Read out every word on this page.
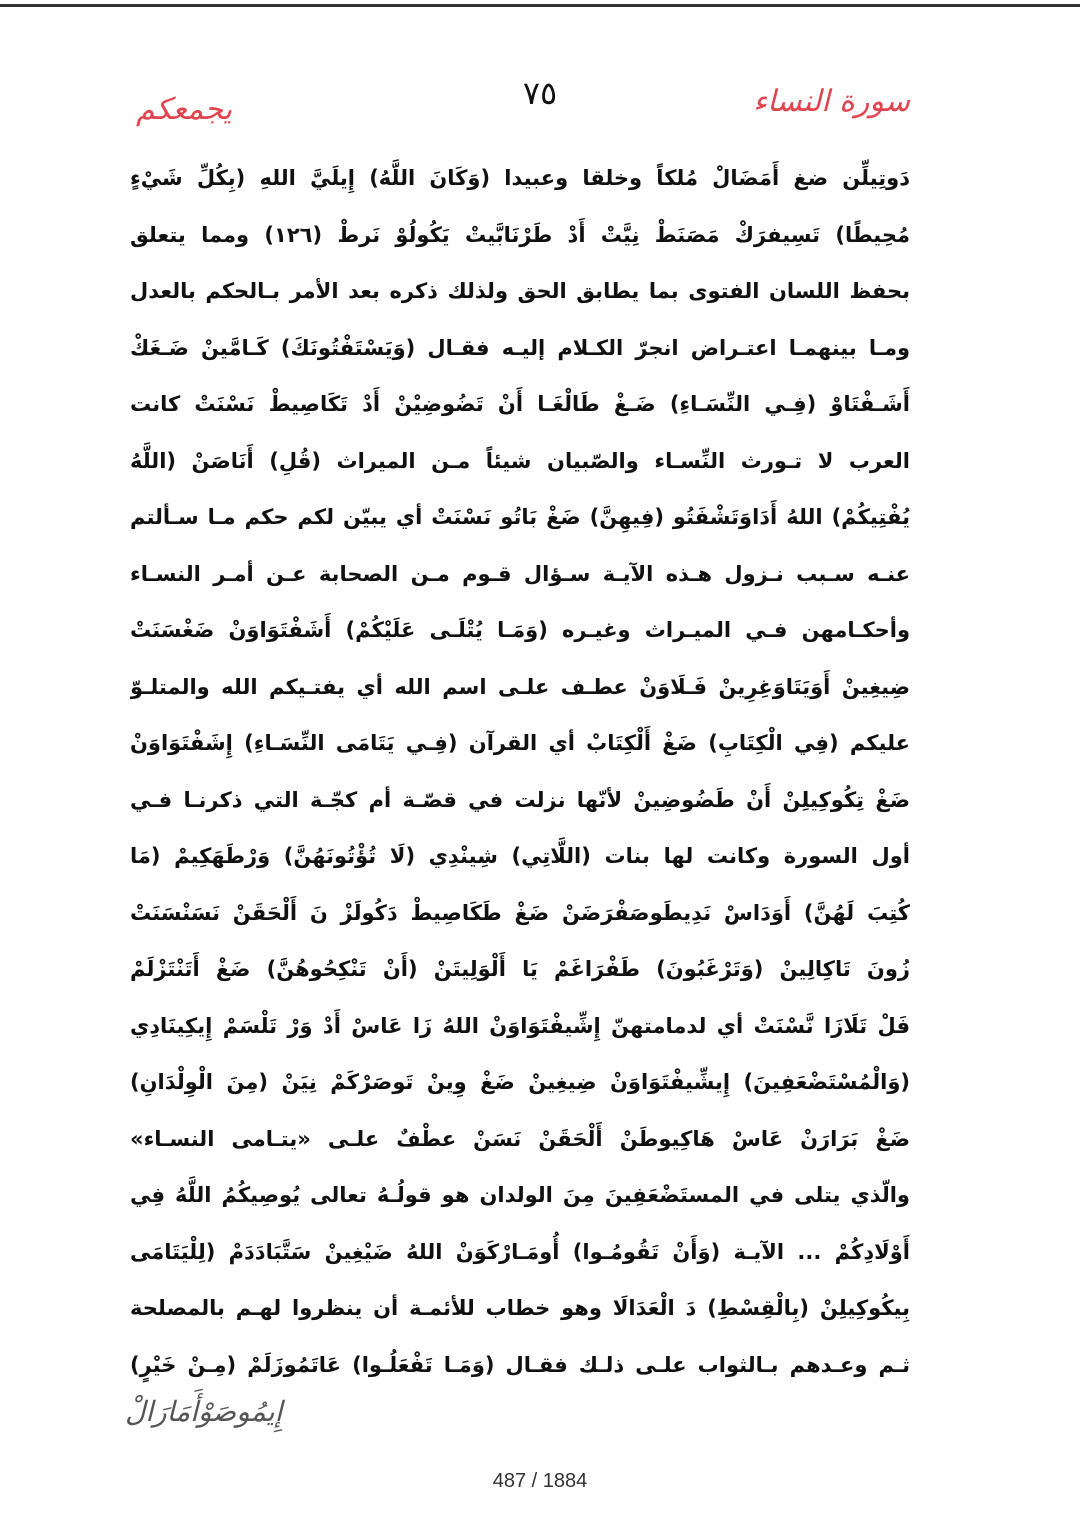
سورة النساء
٧٥
يجمعكم
دَوتِيلِّن ضغ أَمَضَالْ مُلكاً وخلقا وعبيدا (وَكَانَ اللَّهُ) إِيلَيَّ اللهِ (بِكُلِّ شَيْءٍ
مُحِيطًا) تَسِيفرَكْ مَصَنَطْ نِيَّتْ أَدْ طَرْنَابَّيتْ يَكُولُوْ نَرطْ (١٢٦) ومما يتعلق
بحفظ اللسان الفتوى بما يطابق الحق ولذلك ذكره بعد الأمر بـالحكم بالعدل
ومـا بينهمـا اعتـراض انجرّ الكـلام إليـه فقـال (وَيَسْتَفْتُونَكَ) كَـامَّينْ ضَـغَكْ
أَشَـفْتَاوْ (فِـي النِّسَـاءِ) ضَـغْ طَالْغَـا أَنْ تَضُوضِيْنْ أَدْ تَكَاصِيطْ نَسْنَتْ كانت
العرب لا تـورث النِّسـاء والصّبيان شيئاً مـن الميراث (قُلِ) أَنَاصَنْ (اللَّهُ
يُفْتِيكُمْ) اللهُ أَدَاوَتَشْفَتُو (فِيهِنَّ) ضَغْ بَاتُو نَسْنَتْ أي يبيّن لكم حكم مـا سـألتم
عنـه سـبب نـزول هـذه الآيـة سـؤال قـوم مـن الصحابة عـن أمـر النسـاء
وأحكـامهن فـي الميـراث وغيـره (وَمَـا يُتْلَـى عَلَيْكُمْ) أَشَفْتَوَاوَنْ ضَغْسَنَتْ
ضِيغِينْ أَوَيَتَاوَغِرِينْ فَـلَاوَنْ عطـف علـى اسم الله أي يفتـيكم الله والمتلـوّ
عليكم (فِي الْكِتَابِ) ضَغْ أَلْكِتَابْ أي القرآن (فِـي يَتَامَى النِّسَـاءِ) إِشَفْتَوَاوَنْ
ضَغْ تِكُوكِيلِنْ أَنْ طَضُوضِينْ لأنّها نزلت في قصّـة أم كجّـة التي ذكرنـا فـي
أول السورة وكانت لها بنات (اللَّاتِي) شِينْدِي (لَا تُؤْتُونَهُنَّ) وَرْطَهَكِيمْ (مَا
كُتِبَ لَهُنَّ) أَوَدَاسْ نَدِيطَوصَفْرَضَنْ ضَغْ طَكَاصِيطْ دَكُولَزْ نَ أَلْحَقَنْ نَسَنْسَنَتْ
زُونَ تَاكِالِينْ (وَتَرْغَبُونَ) طَفْرَاغَمْ يَا أَلْوَلِيتَنْ (أَنْ تَنْكِحُوهُنَّ) ضَغْ أَتَنْتَزْلَمْ
فَلْ تَلَازَا نَّسْنَتْ أي لدمامتهنّ إِشِّيفْتَوَاوَنْ اللهُ زَا عَاسْ أَدْ وَرْ تَلْسَمْ إِيكِينَادِي
(وَالْمُسْتَضْعَفِينَ) إِيشِّيفْتَوَاوَنْ ضِيغِينْ ضَغْ وِينْ تَوصَرْكَمْ نِيَنْ (مِنَ الْوِلْدَانِ)
ضَغْ بَرَارَنْ عَاسْ هَاكِيوطَنْ أَلْحَقَنْ نَسَنْ عطْفٌ علـى «يتـامى النسـاء»
والّذي يتلى في المستَضْعَفِينَ مِنَ الولدان هو قولُـهُ تعالى يُوصِيكُمُ اللَّهُ فِي
أَوْلَادِكُمْ ... الآيـة (وَأَنْ تَقُومُـوا) أُومَـارْكَوَنْ اللهُ ضَيْغِينْ سَتَّبَادَدَمْ (لِلْيَتَامَى
بِيكُوكِيلِنْ (بِالْقِسْطِ) دَ الْعَدَالَا وهو خطاب للأئمـة أن ينظروا لهـم بالمصلحة
ثـم وعـدهم بـالثواب علـى ذلـك فقـال (وَمَـا تَفْعَلُـوا) عَاتَمُوزَلَمْ (مِـنْ خَيْرٍ)
إِيمُوصَوْأَمَارَالْ
487 / 1884
